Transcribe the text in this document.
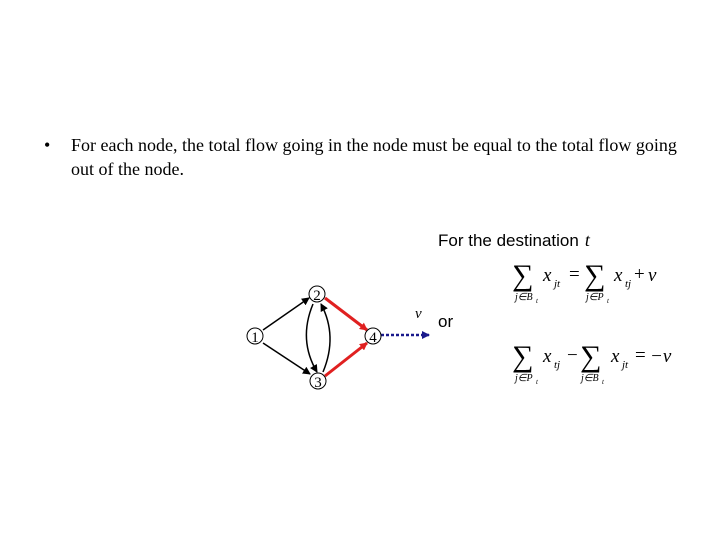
• For each node, the total flow going in the node must be equal to the total flow going out of the node.
For the destination t
or
1
2
3
4
v
∑ x jt
j∈B t
= ∑ x tj
j∈P t
+ v
∑ x tj
j∈P t
− ∑ x jt
j∈B t
= −v
